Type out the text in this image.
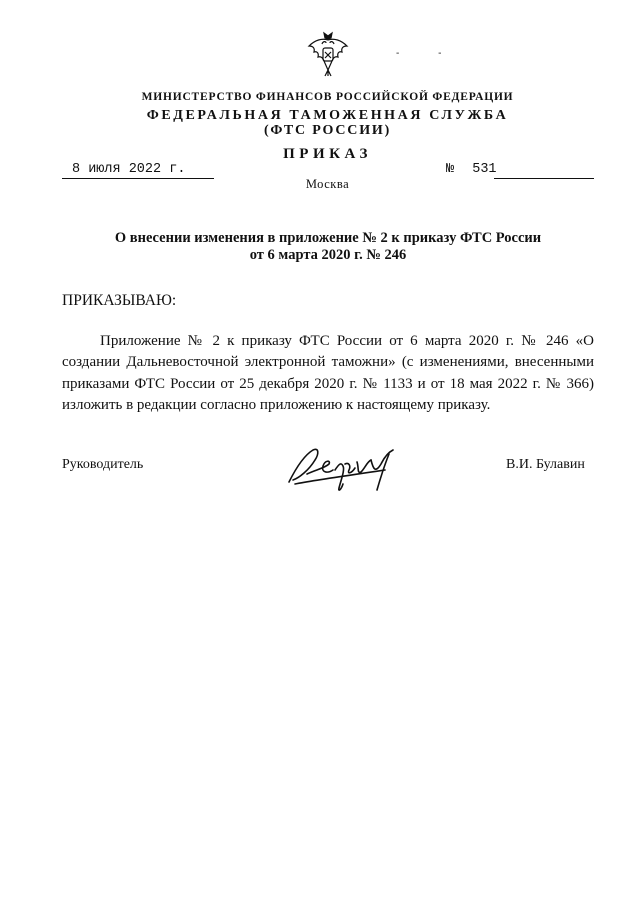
- -
МИНИСТЕРСТВО ФИНАНСОВ РОССИЙСКОЙ ФЕДЕРАЦИИ
ФЕДЕРАЛЬНАЯ ТАМОЖЕННАЯ СЛУЖБА
(ФТС РОССИИ)
ПРИКАЗ
8 июля 2022 г.	№ 531
Москва
О внесении изменения в приложение № 2 к приказу ФТС России
от 6 марта 2020 г. № 246
ПРИКАЗЫВАЮ:

Приложение № 2 к приказу ФТС России от 6 марта 2020 г. № 246 «О создании Дальневосточной электронной таможни» (с изменениями, внесенными приказами ФТС России от 25 декабря 2020 г. № 1133 и от 18 мая 2022 г. № 366) изложить в редакции согласно приложению к настоящему приказу.

Руководитель	В.И. Булавин
